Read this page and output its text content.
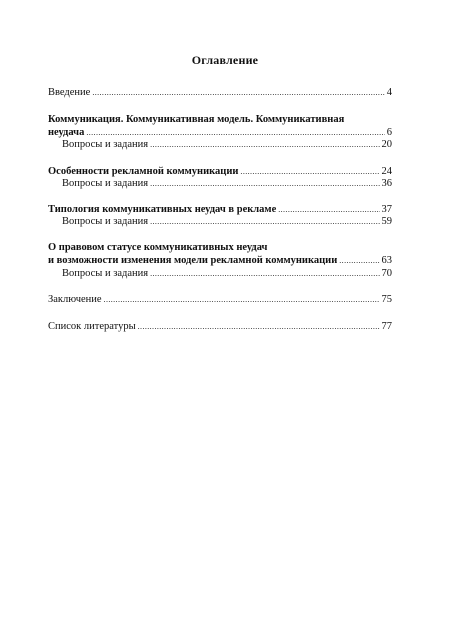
Оглавление
Введение .....	4
Коммуникация. Коммуникативная модель. Коммуникативная
неудача .....	6
Вопросы и задания .....	20
Особенности рекламной коммуникации .....	24
Вопросы и задания .....	36
Типология коммуникативных неудач в рекламе .....	37
Вопросы и задания .....	59
О правовом статусе коммуникативных неудач
и возможности изменения модели рекламной коммуникации .....	63
Вопросы и задания .....	70
Заключение .....	75
Список литературы .....	77
